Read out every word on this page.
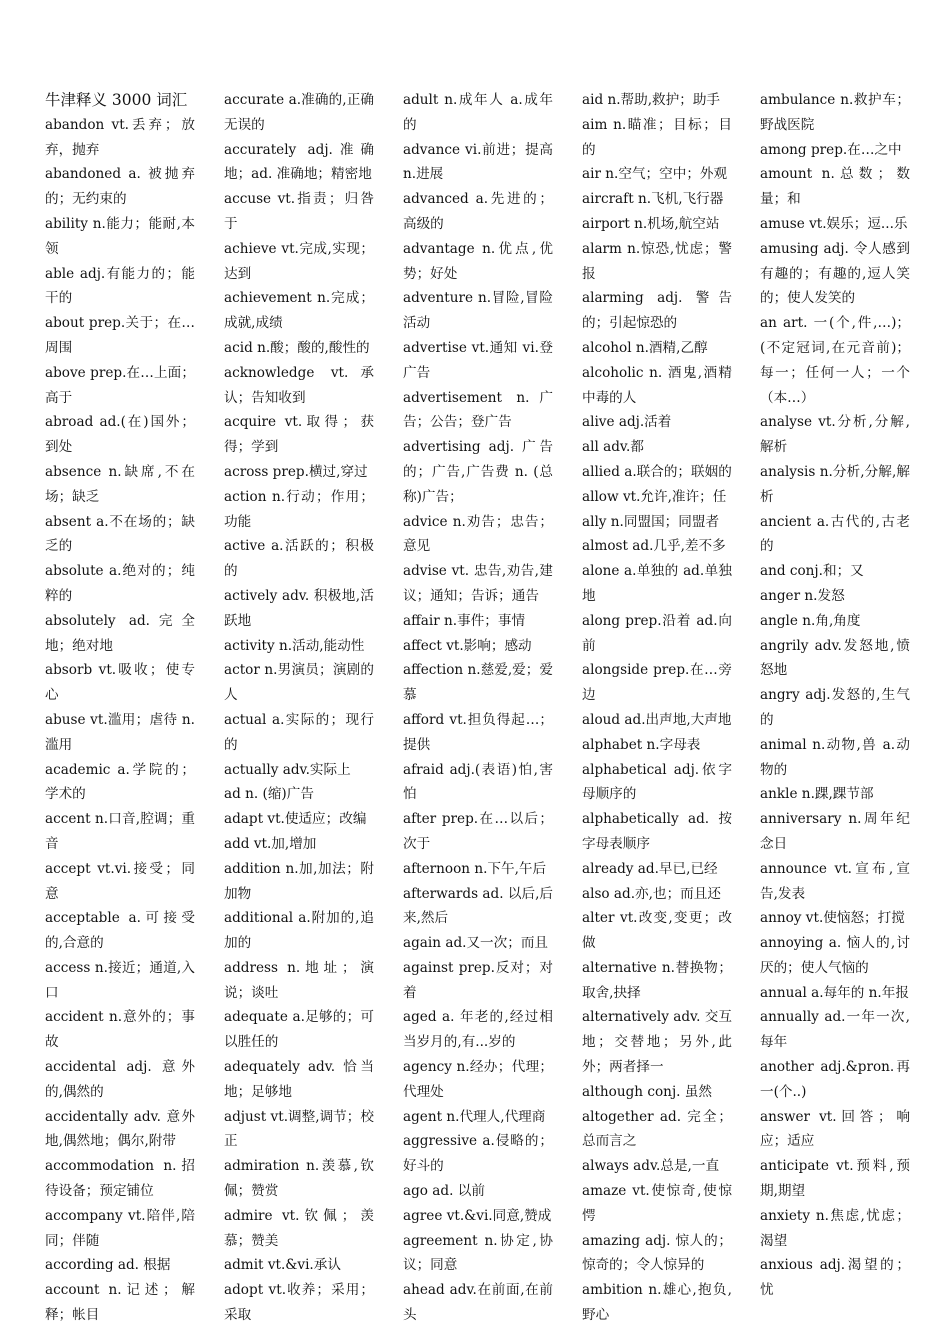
牛津释义 3000 词汇

abandon vt.丢弃；放弃，抛弃

abandoned a. 被抛弃的；无约束的

ability n.能力；能耐,本领

able adj.有能力的；能干的

about prep.关于；在…周围

above prep.在…上面；高于

abroad ad.(在)国外；到处

absence n.缺席,不在场；缺乏

absent a.不在场的；缺乏的

absolute a.绝对的；纯粹的

absolutely ad.完全地；绝对地

absorb vt.吸收；使专心

abuse vt.滥用；虐待 n.滥用

academic a.学院的；学术的

accent n.口音,腔调；重音

accept vt.vi.接受；同意

acceptable a.可接受的,合意的

access n.接近；通道,入口

accident n.意外的；事故

accidental adj. 意外的,偶然的

accidentally adv. 意外地,偶然地；偶尔,附带

accommodation n.招待设备；预定铺位

accompany vt.陪伴,陪同；伴随

according ad. 根据

account n.记述；解释；帐目

accurate a.准确的,正确无误的

accurately adj.准确地；ad. 准确地；精密地

accuse vt.指责；归咎于

achieve vt.完成,实现；达到

achievement n.完成；成就,成绩

acid n.酸；酸的,酸性的

acknowledge vt.承认；告知收到

acquire vt.取得；获得；学到

across prep.横过,穿过

action n.行动；作用；功能

active a.活跃的；积极的

actively adv. 积极地,活跃地

activity n.活动,能动性

actor n.男演员；演剧的人

actual a.实际的；现行的

actually adv.实际上

ad n. (缩)广告

adapt vt.使适应；改编

add vt.加,增加

addition n.加,加法；附加物

additional a.附加的,追加的

address n.地址；演说；谈吐

adequate a.足够的；可以胜任的

adequately adv. 恰当地；足够地

adjust vt.调整,调节；校正

admiration n.羡慕,钦佩；赞赏

admire vt.钦佩；羡慕；赞美

admit vt.&vi.承认

adopt vt.收养；采用；采取

adult n.成年人 a.成年的

advance vi.前进；提高 n.进展

advanced a.先进的；高级的

advantage n.优点,优势；好处

adventure n.冒险,冒险活动

advertise vt.通知 vi.登广告

advertisement n.广告；公告；登广告

advertising adj. 广告的；广告,广告费 n. (总称)广告；

advice n.劝告；忠告；意见

advise vt. 忠告,劝告,建议；通知；告诉；通告

affair n.事件；事情

affect vt.影响；感动

affection n.慈爱,爱；爱慕

afford vt.担负得起…；提供

afraid adj.(表语)怕,害怕

after prep.在…以后；次于

afternoon n.下午,午后

afterwards ad. 以后,后来,然后

again ad.又一次；而且

against prep.反对；对着

aged a. 年老的,经过相当岁月的,有...岁的

agency n.经办；代理；代理处

agent n.代理人,代理商

aggressive a.侵略的；好斗的

ago ad. 以前

agree vt.&vi.同意,赞成

agreement n.协定,协议；同意

ahead adv.在前面,在前头

aid n.帮助,救护；助手

aim n.瞄准；目标；目的

air n.空气；空中；外观

aircraft n.飞机,飞行器

airport n.机场,航空站

alarm n.惊恐,忧虑；警报

alarming adj. 警告的；引起惊恐的

alcohol n.酒精,乙醇

alcoholic n. 酒鬼,酒精中毒的人

alive adj.活着

all adv.都

allied a.联合的；联姻的

allow vt.允许,准许；任

ally n.同盟国；同盟者

almost ad.几乎,差不多

alone a.单独的 ad.单独地

along prep.沿着 ad.向前

alongside prep.在…旁边

aloud ad.出声地,大声地

alphabet n.字母表

alphabetical adj.依字母顺序的

alphabetically ad. 按字母表顺序

already ad.早已,已经

also ad.亦,也；而且还

alter vt.改变,变更；改做

alternative n.替换物；取舍,抉择

alternatively adv. 交互地；交替地；另外,此外；两者择一

although conj. 虽然

altogether ad. 完全；总而言之

always adv.总是,一直

amaze vt.使惊奇,使惊愕

amazing adj. 惊人的；惊奇的；令人惊异的

ambition n.雄心,抱负,野心

ambulance n.救护车；野战医院

among prep.在…之中

amount n.总数；数量；和

amuse vt.娱乐；逗...乐

amusing adj. 令人感到有趣的；有趣的,逗人笑的；使人发笑的

an art. 一(个,件,…)；(不定冠词,在元音前)；每一；任何一人；一个（本…）

analyse vt.分析,分解,解析

analysis n.分析,分解,解析

ancient a.古代的,古老的

and conj.和；又

anger n.发怒

angle n.角,角度

angrily adv.发怒地,愤怒地

angry adj.发怒的,生气的

animal n.动物,兽 a.动物的

ankle n.踝,踝节部

anniversary n.周年纪念日

announce vt.宣布,宣告,发表

annoy vt.使恼怒；打搅

annoying a. 恼人的,讨厌的；使人气恼的

annual a.每年的 n.年报

annually ad.一年一次,每年

another adj.&pron.再一(个..)

answer vt.回答；响应；适应

anticipate vt.预料,预期,期望

anxiety n.焦虑,忧虑；渴望

anxious adj.渴望的；忧
